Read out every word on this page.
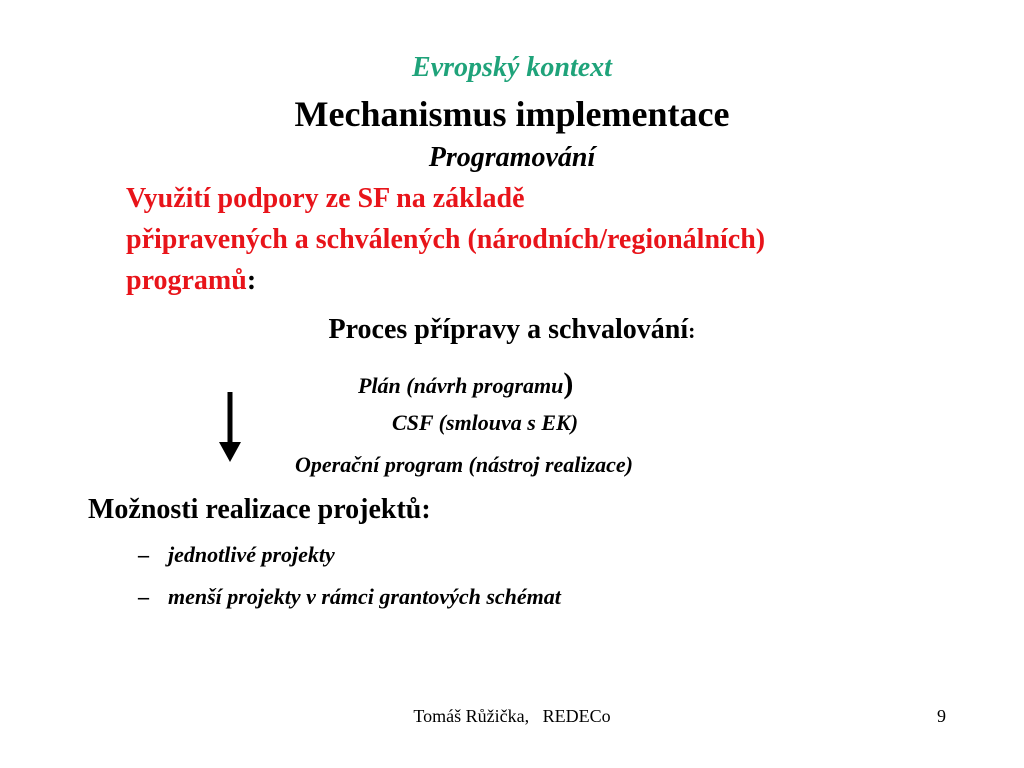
Evropský kontext
Mechanismus implementace
Programování
Využití podpory ze SF na základě
připravených a schválených (národních/regionálních)
programů:
Proces přípravy a schvalování:
Plán (návrh programu)
CSF (smlouva s EK)
Operační program (nástroj realizace)
Možnosti realizace projektů:
– jednotlivé projekty
– menší projekty v rámci grantových schémat
Tomáš Růžička,   REDECo	9
